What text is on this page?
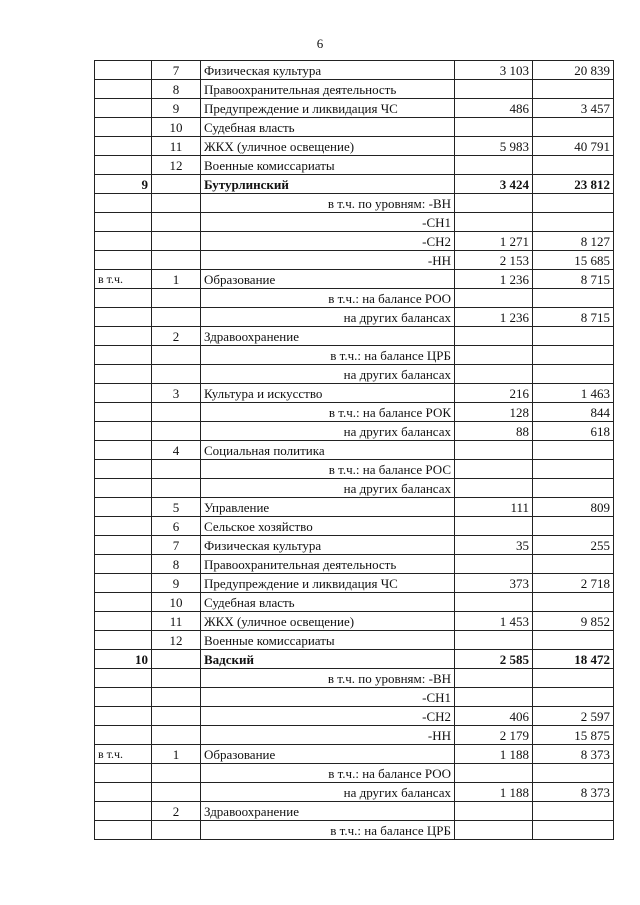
6
	7	Физическая культура	3 103	20 839
	8	Правоохранительная деятельность		
	9	Предупреждение и ликвидация ЧС	486	3 457
	10	Судебная власть		
	11	ЖКХ (уличное освещение)	5 983	40 791
	12	Военные комиссариаты		
9		Бутурлинский	3 424	23 812
		в т.ч. по уровням: -ВН		
		-СН1		
		-СН2	1 271	8 127
		-НН	2 153	15 685
в т.ч.	1	Образование	1 236	8 715
		в т.ч.: на балансе РОО		
		на других балансах	1 236	8 715
	2	Здравоохранение		
		в т.ч.: на балансе ЦРБ		
		на других балансах		
	3	Культура и искусство	216	1 463
		в т.ч.: на балансе РОК	128	844
		на других балансах	88	618
	4	Социальная политика		
		в т.ч.: на балансе РОС		
		на других балансах		
	5	Управление	111	809
	6	Сельское хозяйство		
	7	Физическая культура	35	255
	8	Правоохранительная деятельность		
	9	Предупреждение и ликвидация ЧС	373	2 718
	10	Судебная власть		
	11	ЖКХ (уличное освещение)	1 453	9 852
	12	Военные комиссариаты		
10		Вадский	2 585	18 472
		в т.ч. по уровням: -ВН		
		-СН1		
		-СН2	406	2 597
		-НН	2 179	15 875
в т.ч.	1	Образование	1 188	8 373
		в т.ч.: на балансе РОО		
		на других балансах	1 188	8 373
	2	Здравоохранение		
		в т.ч.: на балансе ЦРБ		
